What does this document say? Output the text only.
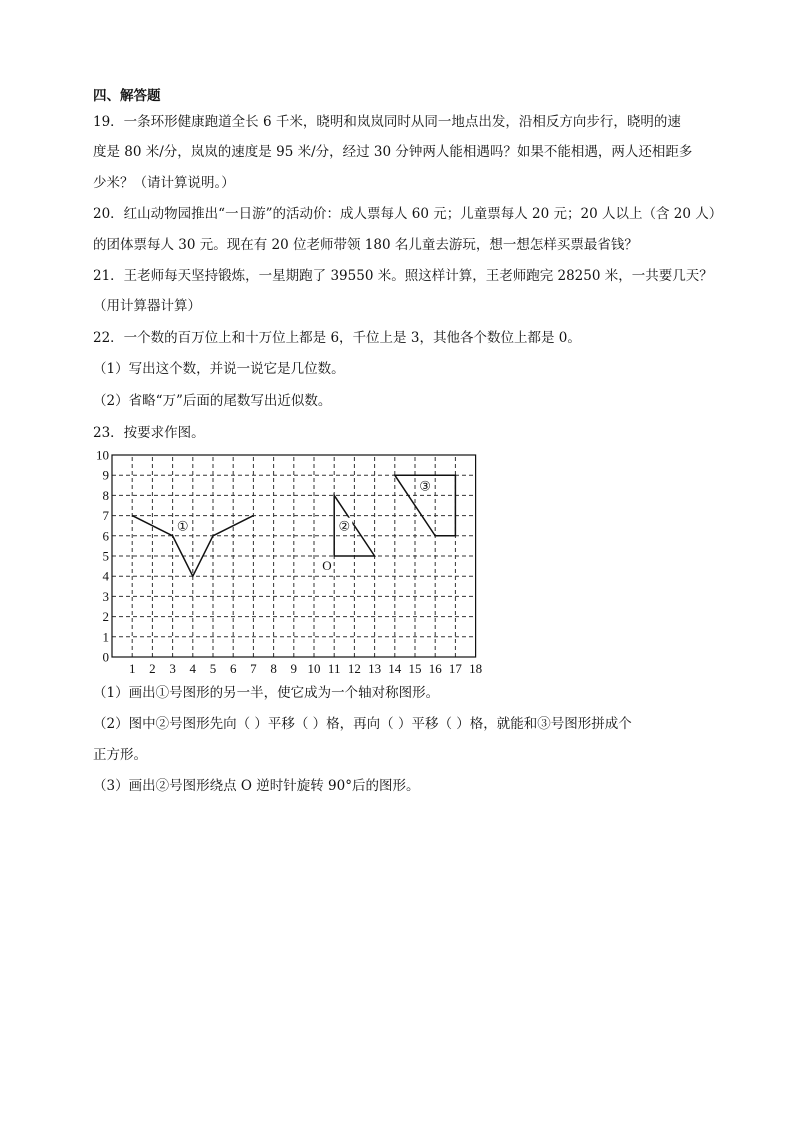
四、解答题

19．一条环形健康跑道全长 6 千米，晓明和岚岚同时从同一地点出发，沿相反方向步行，晓明的速

度是 80 米/分，岚岚的速度是 95 米/分，经过 30 分钟两人能相遇吗？如果不能相遇，两人还相距多

少米？（请计算说明。）

20．红山动物园推出“一日游”的活动价：成人票每人 60 元；儿童票每人 20 元；20 人以上（含 20 人）

的团体票每人 30 元。现在有 20 位老师带领 180 名儿童去游玩，想一想怎样买票最省钱？

21．王老师每天坚持锻炼，一星期跑了 39550 米。照这样计算，王老师跑完 28250 米，一共要几天？

（用计算器计算）

22．一个数的百万位上和十万位上都是 6，千位上是 3，其他各个数位上都是 0。

（1）写出这个数，并说一说它是几位数。

（2）省略“万”后面的尾数写出近似数。

23．按要求作图。

1 2 3 4 5 6 7 8 9 10 11 12 13 14 15 16 17 18
0
1
2
3
4
5
6
7
8
9
10
①	②
③
O

（1）画出①号图形的另一半，使它成为一个轴对称图形。

（2）图中②号图形先向（ ）平移（ ）格，再向（ ）平移（ ）格，就能和③号图形拼成个

正方形。

（3）画出②号图形绕点 O 逆时针旋转 90°后的图形。
